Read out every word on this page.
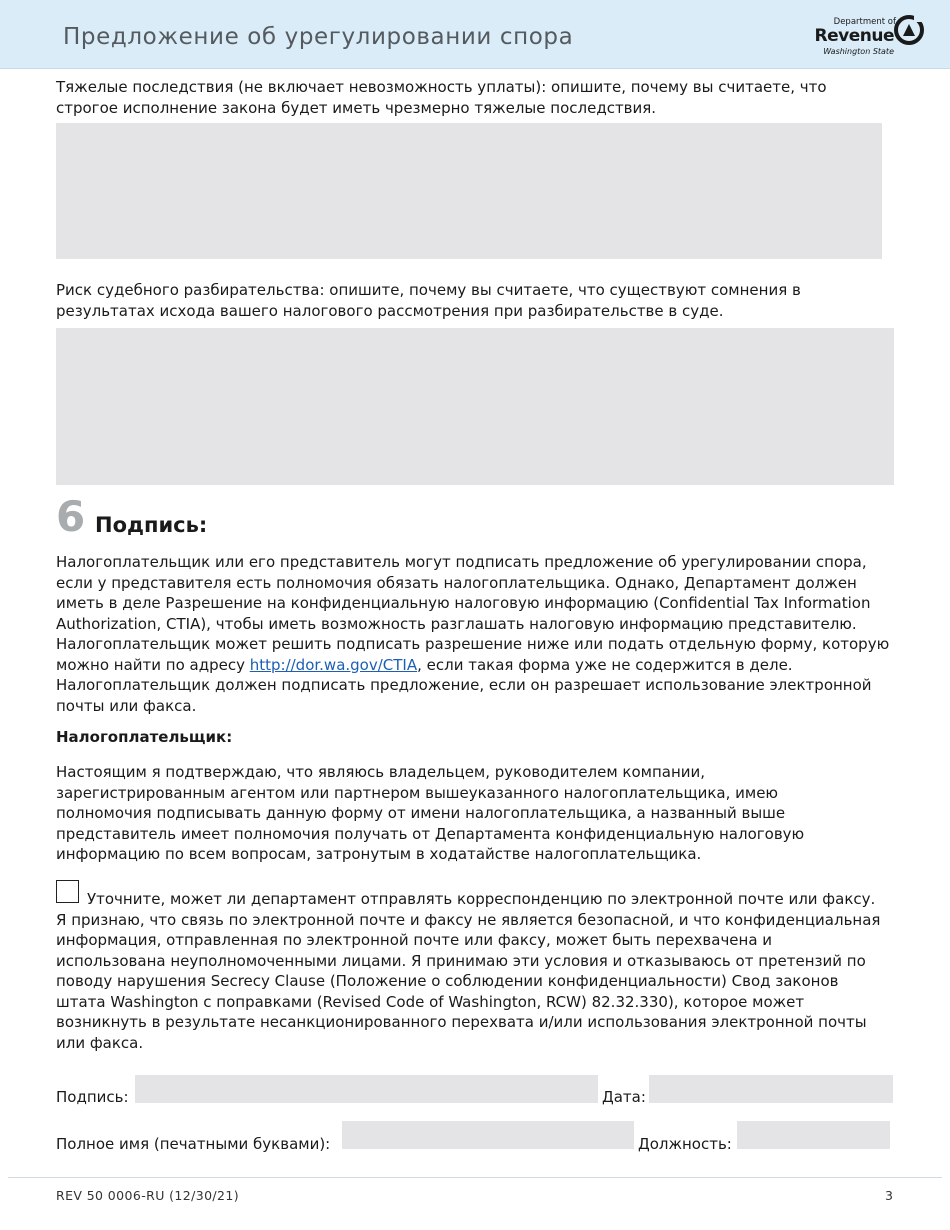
Предложение об урегулировании спора
Department of
Revenue
Washington State

Тяжелые последствия (не включает невозможность уплаты): опишите, почему вы считаете, что строгое исполнение закона будет иметь чрезмерно тяжелые последствия.

Риск судебного разбирательства: опишите, почему вы считаете, что существуют сомнения в результатах исхода вашего налогового рассмотрения при разбирательстве в суде.

6 Подпись:

Налогоплательщик или его представитель могут подписать предложение об урегулировании спора, если у представителя есть полномочия обязать налогоплательщика. Однако, Департамент должен иметь в деле Разрешение на конфиденциальную налоговую информацию (Confidential Tax Information Authorization, CTIA), чтобы иметь возможность разглашать налоговую информацию представителю. Налогоплательщик может решить подписать разрешение ниже или подать отдельную форму, которую можно найти по адресу http://dor.wa.gov/CTIA, если такая форма уже не содержится в деле. Налогоплательщик должен подписать предложение, если он разрешает использование электронной почты или факса.

Налогоплательщик:

Настоящим я подтверждаю, что являюсь владельцем, руководителем компании, зарегистрированным агентом или партнером вышеуказанного налогоплательщика, имею полномочия подписывать данную форму от имени налогоплательщика, а названный выше представитель имеет полномочия получать от Департамента конфиденциальную налоговую информацию по всем вопросам, затронутым в ходатайстве налогоплательщика.

Уточните, может ли департамент отправлять корреспонденцию по электронной почте или факсу. Я признаю, что связь по электронной почте и факсу не является безопасной, и что конфиденциальная информация, отправленная по электронной почте или факсу, может быть перехвачена и использована неуполномоченными лицами. Я принимаю эти условия и отказываюсь от претензий по поводу нарушения Secrecy Clause (Положение о соблюдении конфиденциальности) Свод законов штата Washington с поправками (Revised Code of Washington, RCW) 82.32.330), которое может возникнуть в результате несанкционированного перехвата и/или использования электронной почты или факса.

Подпись:	Дата:
Полное имя (печатными буквами):	Должность:
REV 50 0006-RU (12/30/21)	3
